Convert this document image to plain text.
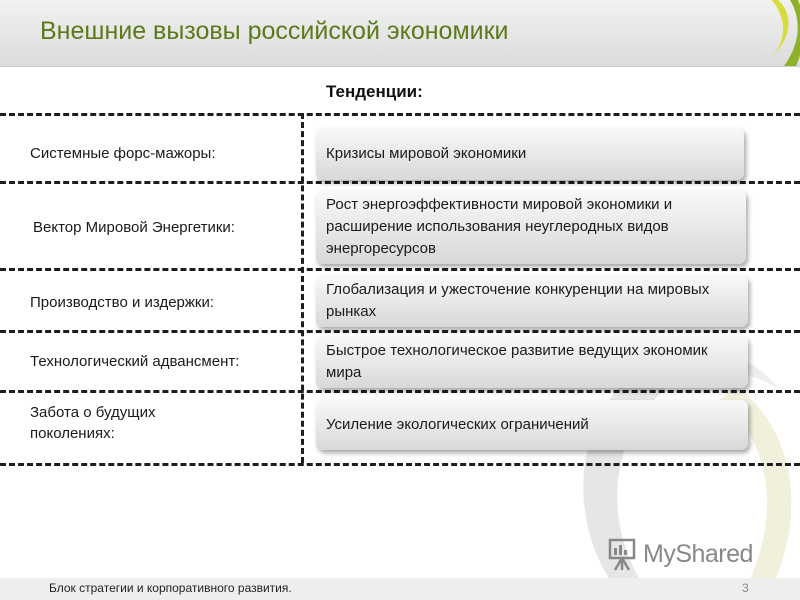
Внешние вызовы российской экономики
Тенденции:
Системные форс-мажоры:
Вектор Мировой Энергетики:
Производство и издержки:
Технологический адвансмент:
Забота о будущих поколениях:
Кризисы мировой экономики
Рост энергоэффективности мировой экономики и расширение использования неуглеродных видов энергоресурсов
Глобализация и ужесточение конкуренции на мировых рынках
Быстрое технологическое развитие ведущих экономик мира
Усиление экологических ограничений
MyShared
Блок стратегии и корпоративного развития.	3
